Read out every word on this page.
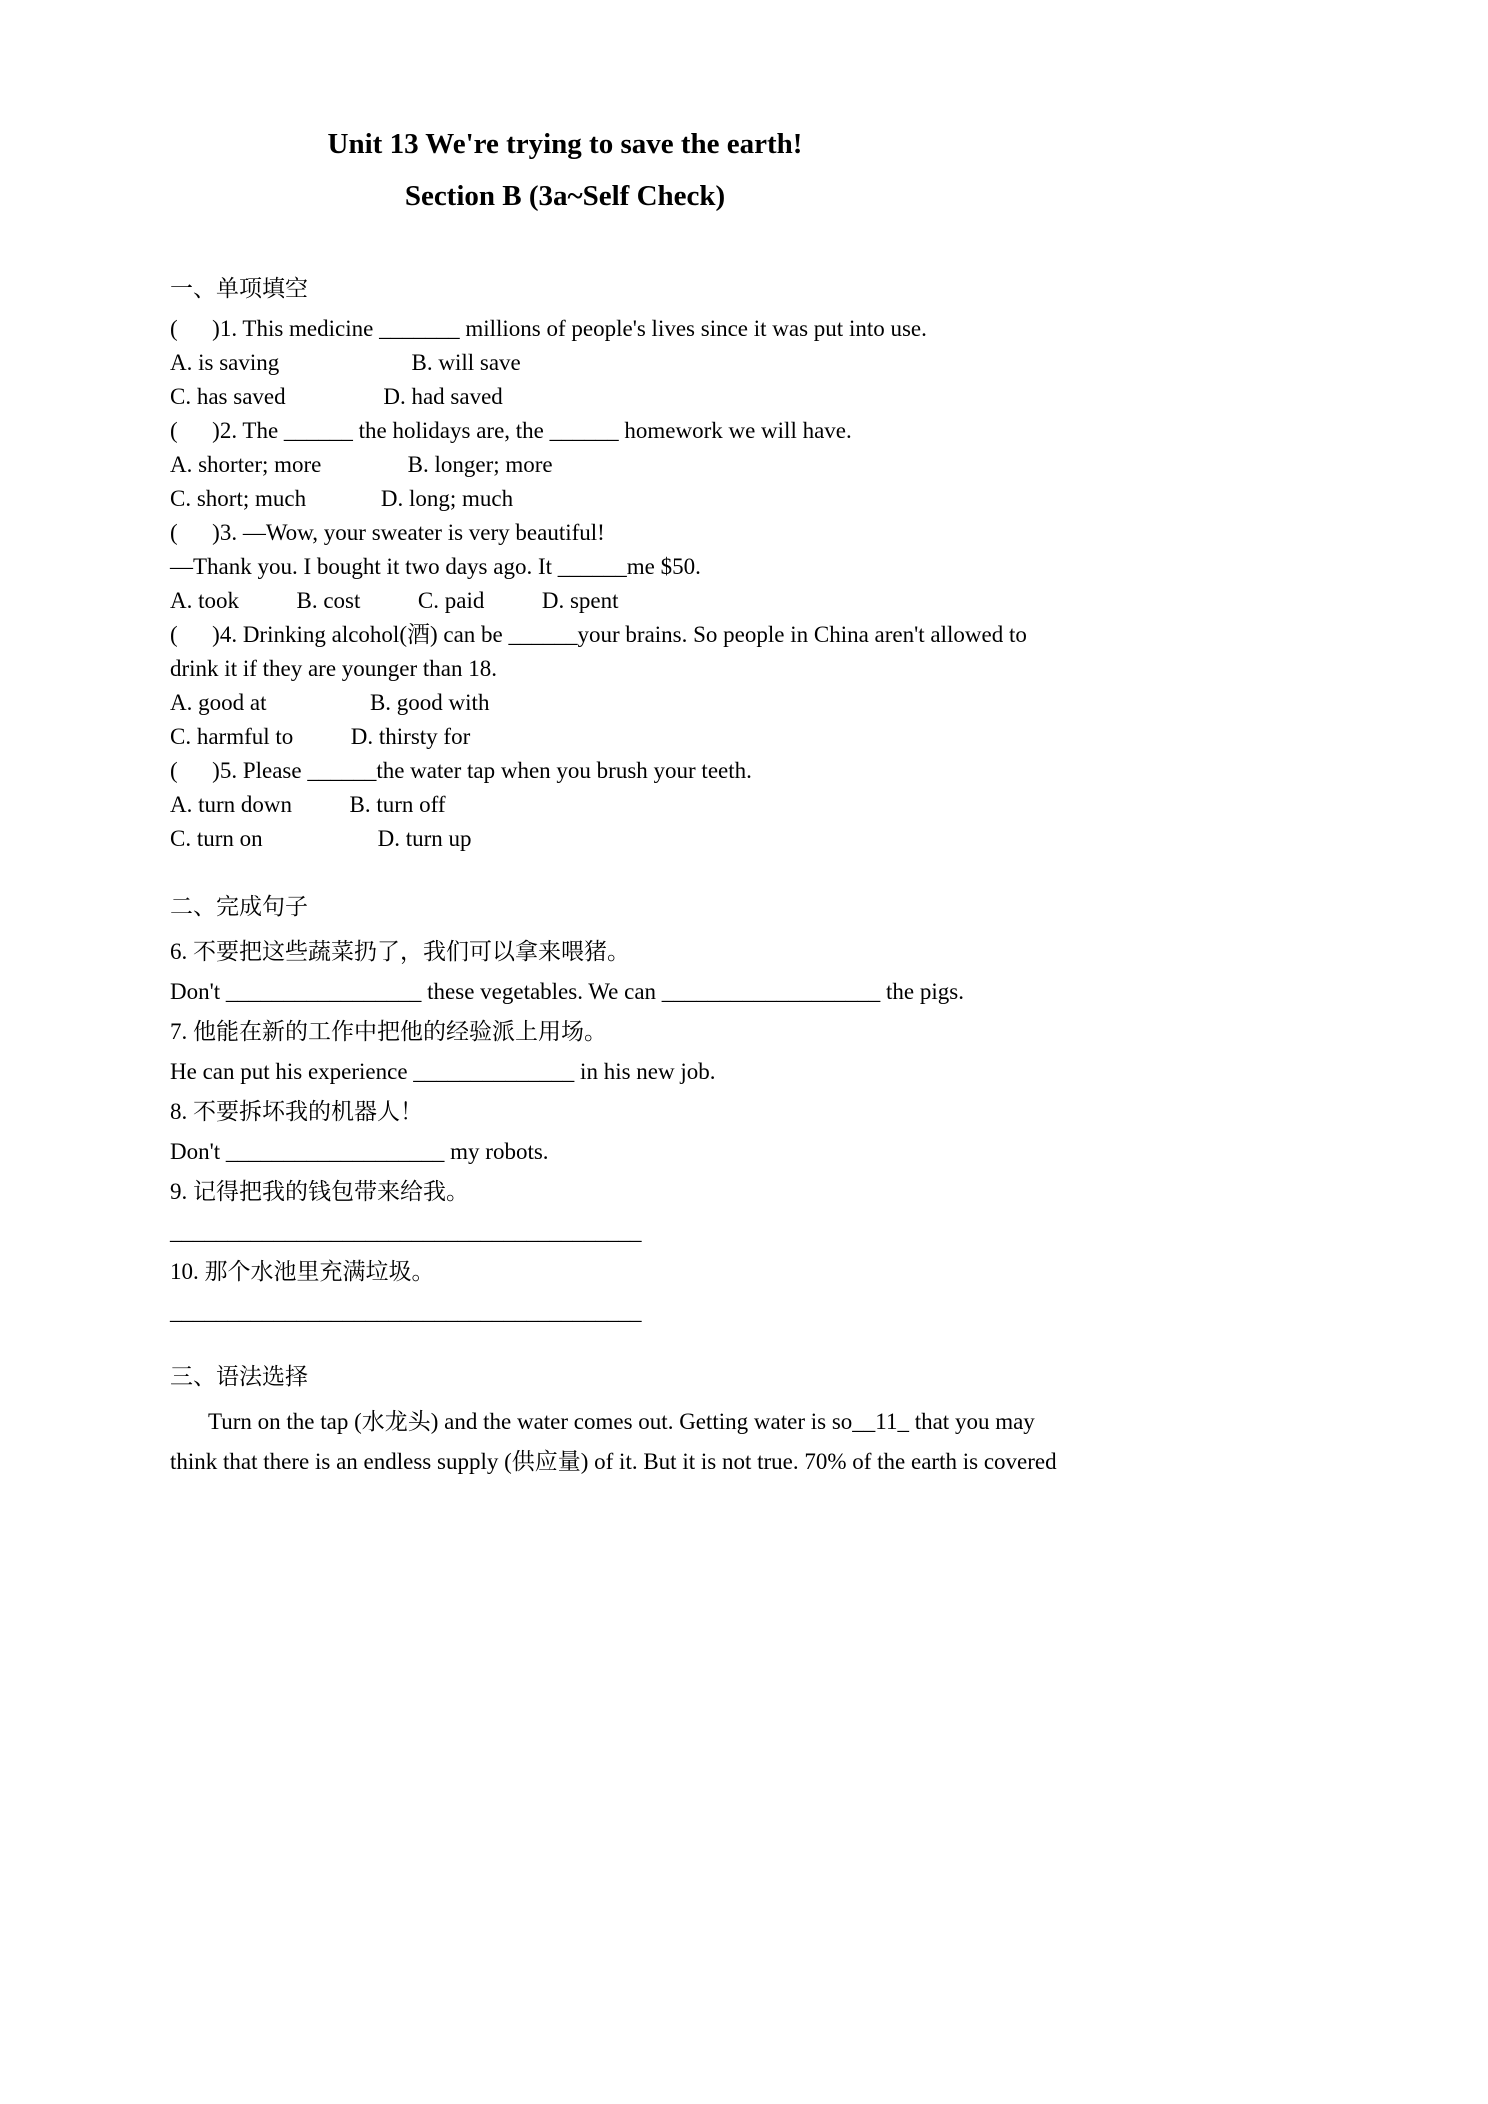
Unit 13 We're trying to save the earth!

Section B (3a~Self Check)

一、单项填空

(      )1. This medicine _______ millions of people's lives since it was put into use.

A. is saving                       B. will save

C. has saved                 D. had saved

(      )2. The ______ the holidays are, the ______ homework we will have.

A. shorter; more               B. longer; more

C. short; much             D. long; much

(      )3. —Wow, your sweater is very beautiful!

—Thank you. I bought it two days ago. It ______me $50.

A. took          B. cost          C. paid          D. spent

(      )4. Drinking alcohol(酒) can be ______your brains. So people in China aren't allowed to

drink it if they are younger than 18.

A. good at                  B. good with

C. harmful to          D. thirsty for

(      )5. Please ______the water tap when you brush your teeth.

A. turn down          B. turn off

C. turn on                    D. turn up

二、完成句子

6. 不要把这些蔬菜扔了，我们可以拿来喂猪。

Don't _________________ these vegetables. We can ___________________ the pigs.

7. 他能在新的工作中把他的经验派上用场。

He can put his experience ______________ in his new job.

8. 不要拆坏我的机器人！

Don't ___________________ my robots.

9. 记得把我的钱包带来给我。

_________________________________________

10. 那个水池里充满垃圾。

_________________________________________

三、语法选择

Turn on the tap (水龙头) and the water comes out. Getting water is so__11_ that you may

think that there is an endless supply (供应量) of it. But it is not true. 70% of the earth is covered
